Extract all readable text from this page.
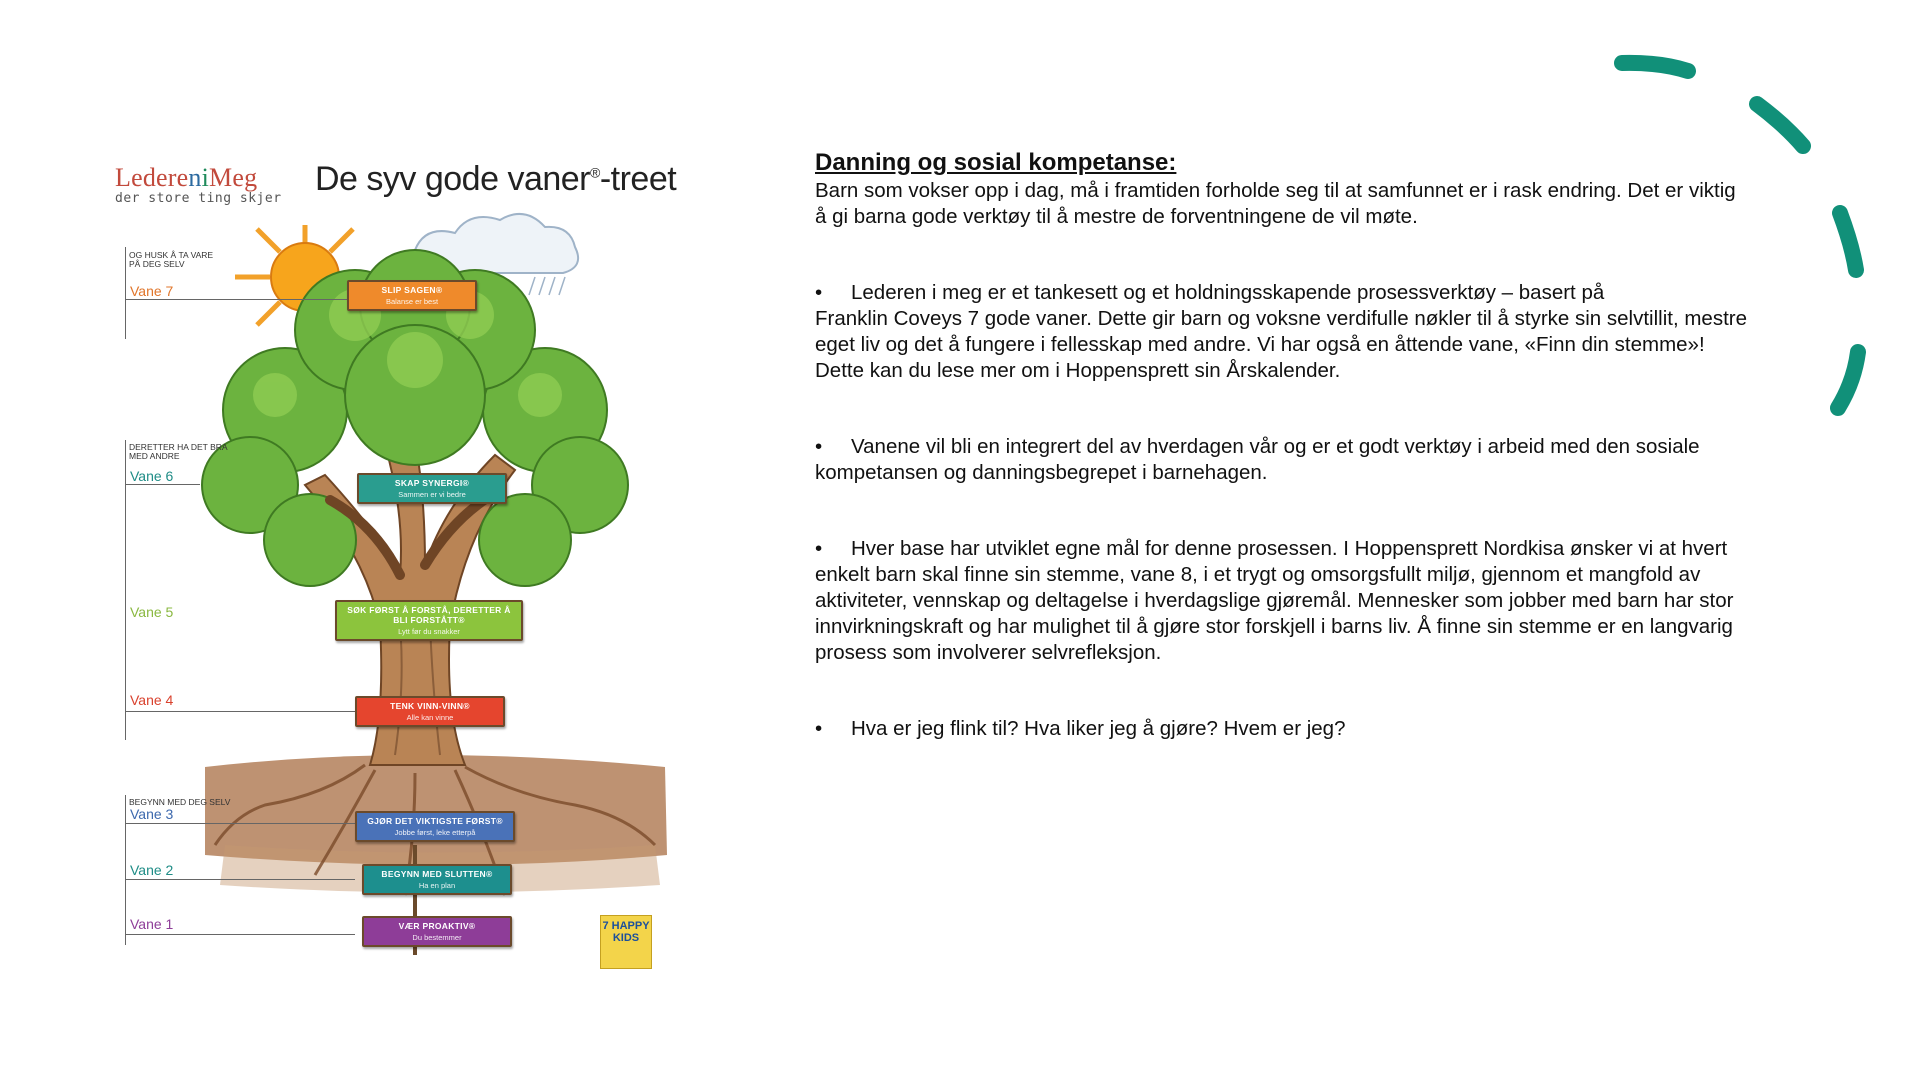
LedereniMeg
der store ting skjer
De syv gode vaner®-treet
OG HUSK Å TA VARE PÅ DEG SELV
DERETTER HA DET BRA MED ANDRE
BEGYNN MED DEG SELV
Vane 7
Vane 6
Vane 5
Vane 4
Vane 3
Vane 2
Vane 1
SLIP SAGEN®
Balanse er best
SKAP SYNERGI®
Sammen er vi bedre
SØK FØRST Å FORSTÅ, DERETTER Å BLI FORSTÅTT®
Lytt før du snakker
TENK VINN-VINN®
Alle kan vinne
GJØR DET VIKTIGSTE FØRST®
Jobbe først, leke etterpå
BEGYNN MED SLUTTEN®
Ha en plan
VÆR PROAKTIV®
Du bestemmer
7 HAPPY KIDS
Danning og sosial kompetanse:

Barn som vokser opp i dag, må i framtiden forholde seg til at samfunnet er i rask endring. Det er viktig

å gi barna gode verktøy til å mestre de forventningene de vil møte.

•	Lederen i meg er et tankesett og et holdningsskapende prosessverktøy – basert på

Franklin Coveys 7 gode vaner. Dette gir barn og voksne verdifulle nøkler til å styrke sin selvtillit, mestre

eget liv og det å fungere i fellesskap med andre. Vi har også en åttende vane, «Finn din stemme»!

Dette kan du lese mer om i Hoppensprett sin Årskalender.

•	Vanene vil bli en integrert del av hverdagen vår og er et godt verktøy i arbeid med den sosiale

kompetansen og danningsbegrepet i barnehagen.

•	Hver base har utviklet egne mål for denne prosessen. I Hoppensprett Nordkisa ønsker vi at hvert

enkelt barn skal finne sin stemme, vane 8, i et trygt og omsorgsfullt miljø, gjennom et mangfold av

aktiviteter, vennskap og deltagelse i hverdagslige gjøremål. Mennesker som jobber med barn har stor

innvirkningskraft og har mulighet til å gjøre stor forskjell i barns liv. Å finne sin stemme er en langvarig

prosess som involverer selvrefleksjon.

•	Hva er jeg flink til? Hva liker jeg å gjøre? Hvem er jeg?
